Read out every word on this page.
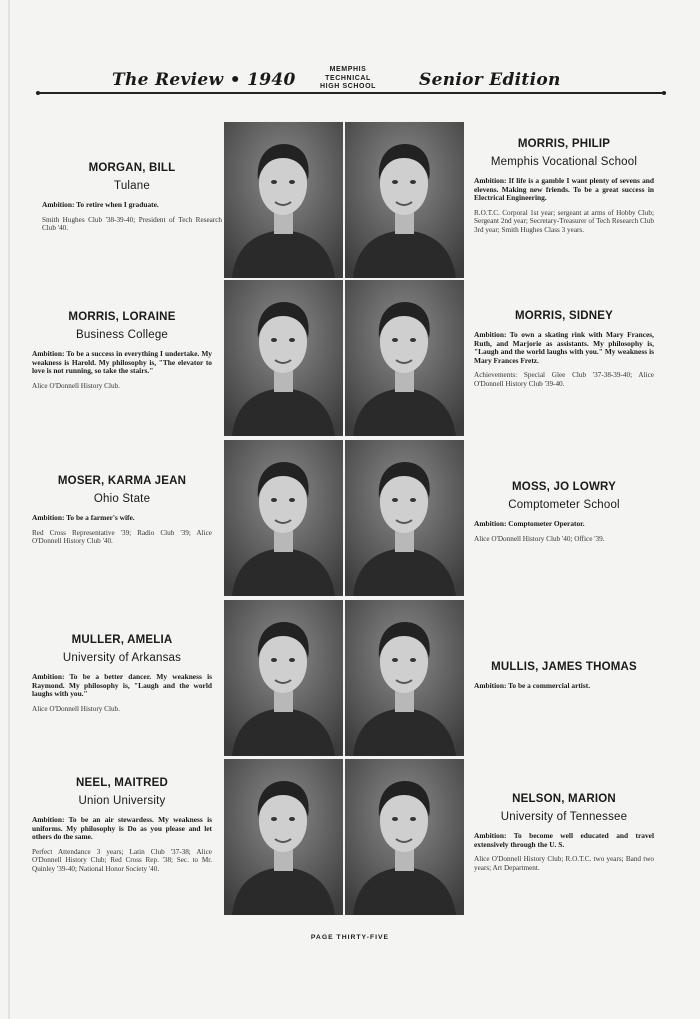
The Review • 1940
MEMPHIS
TECHNICAL
HIGH SCHOOL	Senior Edition
MORGAN, BILL
Tulane
Ambition: To retire when I graduate.
Smith Hughes Club '38-39-40; President of Tech Research Club '40.
MORRIS, PHILIP
Memphis Vocational School
Ambition: If life is a gamble I want plenty of sevens and elevens. Making new friends. To be a great success in Electrical Engineering.
R.O.T.C. Corporal 1st year; sergeant at arms of Hobby Club; Sergeant 2nd year; Secretary-Treasurer of Tech Research Club 3rd year; Smith Hughes Class 3 years.
MORRIS, LORAINE
Business College
Ambition: To be a success in everything I undertake. My weakness is Harold. My philosophy is, "The elevator to love is not running, so take the stairs."
Alice O'Donnell History Club.
MORRIS, SIDNEY
Ambition: To own a skating rink with Mary Frances, Ruth, and Marjorie as assistants. My philosophy is, "Laugh and the world laughs with you." My weakness is Mary Frances Fretz.
Achievements: Special Glee Club '37-38-39-40; Alice O'Donnell History Club '39-40.
MOSER, KARMA JEAN
Ohio State
Ambition: To be a farmer's wife.
Red Cross Representative '39; Radio Club '39; Alice O'Donnell History Club '40.
MOSS, JO LOWRY
Comptometer School
Ambition: Comptometer Operator.
Alice O'Donnell History Club '40; Office '39.
MULLER, AMELIA
University of Arkansas
Ambition: To be a better dancer. My weakness is Raymond. My philosophy is, "Laugh and the world laughs with you."
Alice O'Donnell History Club.
MULLIS, JAMES THOMAS
Ambition: To be a commercial artist.
NEEL, MAITRED
Union University
Ambition: To be an air stewardess. My weakness is uniforms. My philosophy is Do as you please and let others do the same.
Perfect Attendance 3 years; Latin Club '37-38; Alice O'Donnell History Club; Red Cross Rep. '38; Sec. to Mr. Quinley '39-40; National Honor Society '40.
NELSON, MARION
University of Tennessee
Ambition: To become well educated and travel extensively through the U. S.
Alice O'Donnell History Club; R.O.T.C. two years; Band two years; Art Department.
PAGE THIRTY-FIVE
